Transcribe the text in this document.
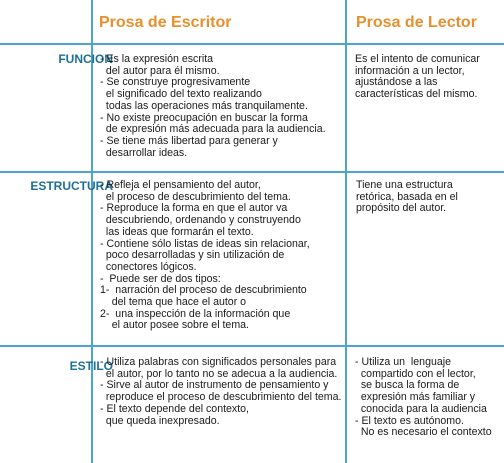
Prosa de Escritor	Prosa de Lector
FUNCION
- Es la expresión escrita
del autor para él mismo.
- Se construye progresivamente
el significado del texto realizando
todas las operaciones más tranquilamente.
- No existe preocupación en buscar la forma
de expresión más adecuada para la audiencia.
- Se tiene más libertad para generar y
desarrollar ideas.
Es el intento de comunicar
información a un lector,
ajustándose a las
características del mismo.
ESTRUCTURA
- Refleja el pensamiento del autor,
el proceso de descubrimiento del tema.
- Reproduce la forma en que el autor va
descubriendo, ordenando y construyendo
las ideas que formarán el texto.
- Contiene sólo listas de ideas sin relacionar,
poco desarrolladas y sin utilización de
conectores lógicos.
-  Puede ser de dos tipos:
1-  narración del proceso de descubrimiento
del tema que hace el autor o
2-  una inspección de la información que
el autor posee sobre el tema.
Tiene una estructura
retórica, basada en el
propósito del autor.
ESTILO
- Utiliza palabras con significados personales para
el autor, por lo tanto no se adecua a la audiencia.
- Sirve al autor de instrumento de pensamiento y
reproduce el proceso de descubrimiento del tema.
- El texto depende del contexto,
que queda inexpresado.
- Utiliza un  lenguaje
compartido con el lector,
se busca la forma de
expresión más familiar y
conocida para la audiencia
- El texto es autónomo.
No es necesario el contexto
